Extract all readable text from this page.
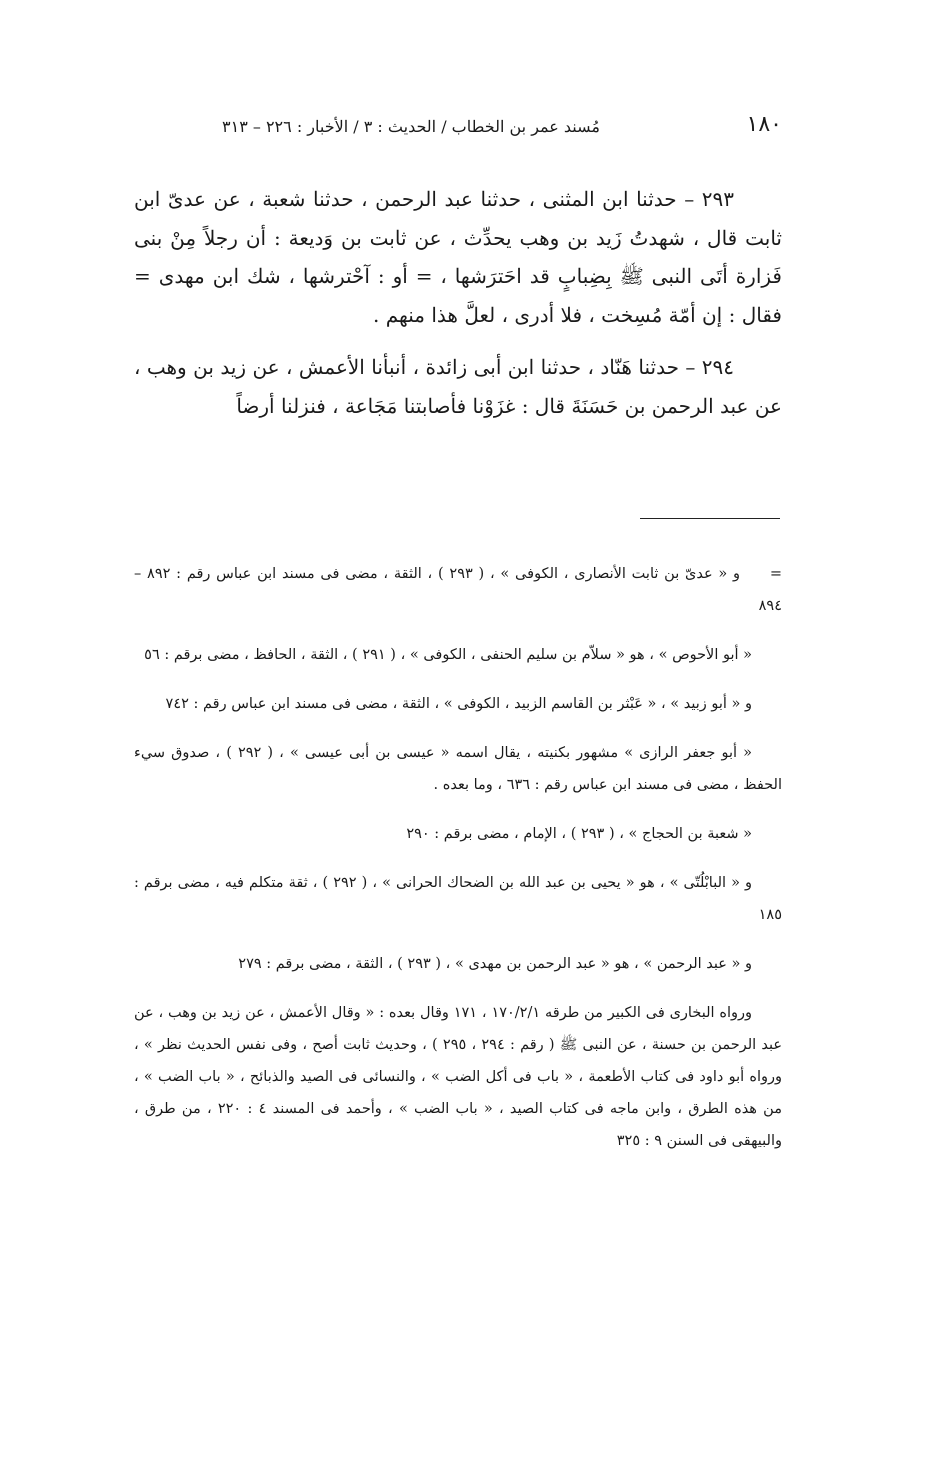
١٨٠
مُسند عمر بن الخطاب / الحديث : ٣ / الأخبار : ٢٢٦ – ٣١٣

٢٩٣ – حدثنا ابن المثنى ، حدثنا عبد الرحمن ، حدثنا شعبة ، عن عدىّ ابن ثابت قال ، شهدتُ زَيد بن وهب يحدِّث ، عن ثابت بن وَديعة : أن رجلاً مِنْ بنى فَزارة أتَى النبى ﷺ بِضِبابٍ قد احَترَشها ، = أو : آحْترشها ، شك ابن مهدى = فقال : إن أمّة مُسِخت ، فلا أدرى ، لعلَّ هذا منهم .

٢٩٤ – حدثنا هَنّاد ، حدثنا ابن أبى زائدة ، أنبأنا الأعمش ، عن زيد بن وهب ، عن عبد الرحمن بن حَسَنَةَ قال : غزَوْنا فأصابتنا مَجَاعة ، فنزلنا أرضاً

=و « عدىّ بن ثابت الأنصارى ، الكوفى » ، ( ٢٩٣ ) ، الثقة ، مضى فى مسند ابن عباس رقم : ٨٩٢ – ٨٩٤

« أبو الأحوص » ، هو « سلاّم بن سليم الحنفى ، الكوفى » ، ( ٢٩١ ) ، الثقة ، الحافظ ، مضى برقم : ٥٦

و « أبو زبيد » ، « عَبْثر بن القاسم الزبيد ، الكوفى » ، الثقة ، مضى فى مسند ابن عباس رقم : ٧٤٢

« أبو جعفر الرازى » مشهور بكنيته ، يقال اسمه « عيسى بن أبى عيسى » ، ( ٢٩٢ ) ، صدوق سيء الحفظ ، مضى فى مسند ابن عباس رقم : ٦٣٦ ، وما بعده .

« شعبة بن الحجاج » ، ( ٢٩٣ ) ، الإمام ، مضى برقم : ٢٩٠

و « البابْلُتّى » ، هو « يحيى بن عبد الله بن الضحاك الحرانى » ، ( ٢٩٢ ) ، ثقة متكلم فيه ، مضى برقم : ١٨٥

و « عبد الرحمن » ، هو « عبد الرحمن بن مهدى » ، ( ٢٩٣ ) ، الثقة ، مضى برقم : ٢٧٩

ورواه البخارى فى الكبير من طرقه ١٧٠/٢/١ ، ١٧١ وقال بعده : « وقال الأعمش ، عن زيد بن وهب ، عن عبد الرحمن بن حسنة ، عن النبى ﷺ ( رقم : ٢٩٤ ، ٢٩٥ ) ، وحديث ثابت أصح ، وفى نفس الحديث نظر » ، ورواه أبو داود فى كتاب الأطعمة ، « باب فى أكل الضب » ، والنسائى فى الصيد والذبائح ، « باب الضب » ، من هذه الطرق ، وابن ماجه فى كتاب الصيد ، « باب الضب » ، وأحمد فى المسند ٤ : ٢٢٠ ، من طرق ، والبيهقى فى السنن ٩ : ٣٢٥
